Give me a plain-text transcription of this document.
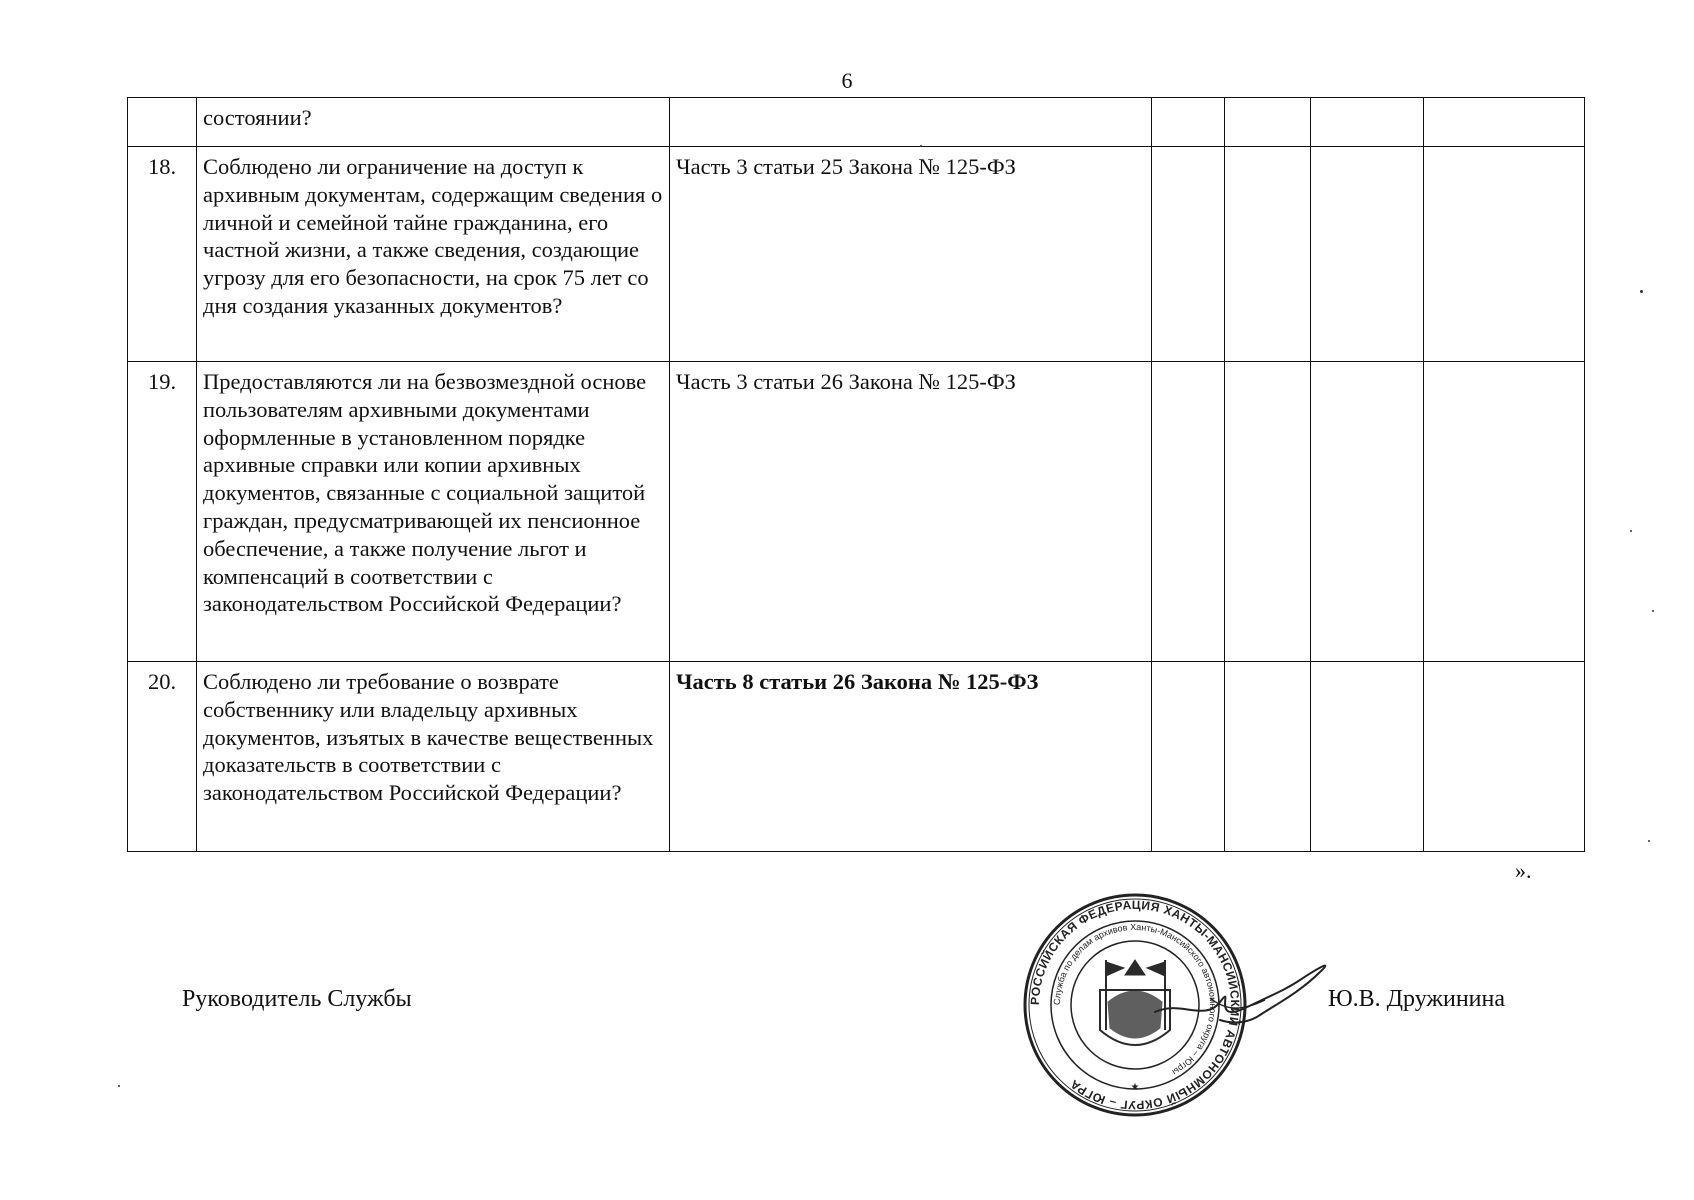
6
	состоянии?					
18.	Соблюдено ли ограничение на доступ к архивным документам, содержащим сведения о личной и семейной тайне гражданина, его частной жизни, а также сведения, создающие угрозу для его безопасности, на срок 75 лет со дня создания указанных документов?	Часть 3 статьи 25 Закона № 125-ФЗ				
19.	Предоставляются ли на безвозмездной основе пользователям архивными документами оформленные в установленном порядке архивные справки или копии архивных документов, связанные с социальной защитой граждан, предусматривающей их пенсионное обеспечение, а также получение льгот и компенсаций в соответствии с законодательством Российской Федерации?	Часть 3 статьи 26 Закона № 125-ФЗ				
20.	Соблюдено ли требование о возврате собственнику или владельцу архивных документов, изъятых в качестве вещественных доказательств в соответствии с законодательством Российской Федерации?	Часть 8 статьи 26 Закона № 125-ФЗ				
».
Руководитель Службы	Ю.В. Дружинина
РОССИЙСКАЯ ФЕДЕРАЦИЯ ХАНТЫ-МАНСИЙСКИЙ АВТОНОМНЫЙ ОКРУГ – ЮГРА
Служба по делам архивов Ханты-Мансийского автономного округа – Югры
★
